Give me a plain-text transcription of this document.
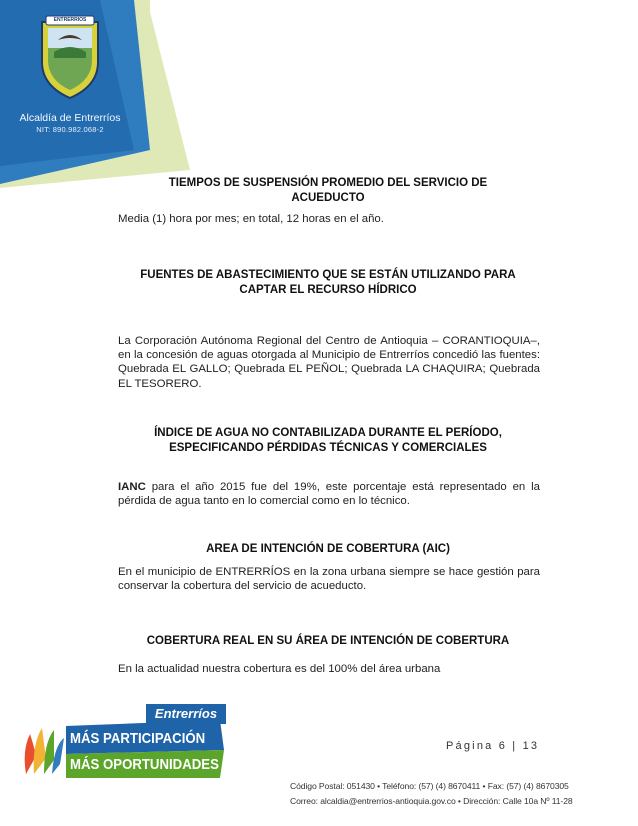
ENTRERRIOS
Alcaldía de Entrerríos
NIT: 890.982.068-2
TIEMPOS DE SUSPENSIÓN PROMEDIO DEL SERVICIO DE
ACUEDUCTO
Media (1) hora por mes; en total, 12 horas en el año.
FUENTES DE ABASTECIMIENTO QUE SE ESTÁN UTILIZANDO PARA
CAPTAR EL RECURSO HÍDRICO
La Corporación Autónoma Regional del Centro de Antioquia – CORANTIOQUIA–, en la concesión de aguas otorgada al Municipio de Entrerríos concedió las fuentes: Quebrada EL GALLO; Quebrada EL PEÑOL; Quebrada LA CHAQUIRA; Quebrada EL TESORERO.
ÍNDICE DE AGUA NO CONTABILIZADA DURANTE EL PERÍODO,
ESPECIFICANDO PÉRDIDAS TÉCNICAS Y COMERCIALES
IANC para el año 2015 fue del 19%, este porcentaje está representado en la pérdida de agua tanto en lo comercial como en lo técnico.
AREA DE INTENCIÓN DE COBERTURA (AIC)
En el municipio de ENTRERRÍOS en la zona urbana siempre se hace gestión para conservar la cobertura del servicio de acueducto.
COBERTURA REAL EN SU ÁREA DE INTENCIÓN DE COBERTURA
En la actualidad nuestra cobertura es del 100% del área urbana
Entrerríos
MÁS PARTICIPACIÓN
MÁS OPORTUNIDADES
Página 6 | 13
Código Postal: 051430 • Teléfono: (57) (4) 8670411 • Fax: (57) (4) 8670305
Correo: alcaldia@entrerrios-antioquia.gov.co • Dirección: Calle 10a Nº 11-28
